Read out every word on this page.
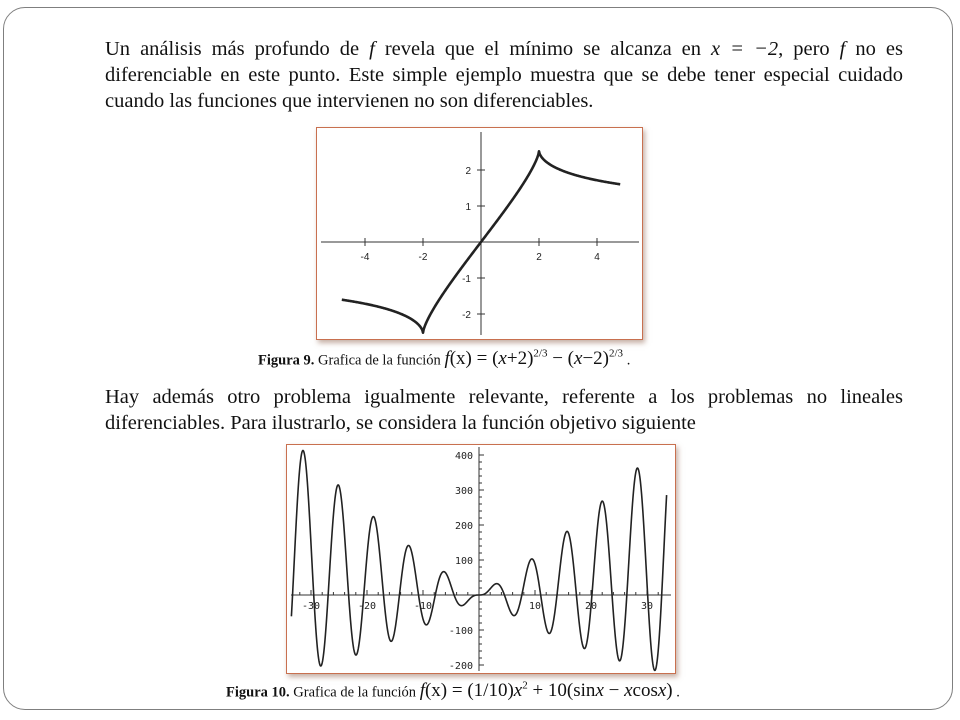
Un análisis más profundo de f revela que el mínimo se alcanza en x = −2, pero f no es diferenciable en este punto. Este simple ejemplo muestra que se debe tener especial cuidado cuando las funciones que intervienen no son diferenciables.

-4	-2	2	4
2
1
-1
-2
Figura 9. Grafica de la función $f(x) = (x+2)^{2/3} - (x-2)^{2/3}$ .

Hay además otro problema igualmente relevante, referente a los problemas no lineales diferenciables. Para ilustrarlo, se considera la función objetivo siguiente

-30	-20	-10	10	20	30
400
300
200
100
-100
-200
Figura 10. Grafica de la función $f(x) = (1/10)x^2 + 10(\sin x - xcosx)$ .
